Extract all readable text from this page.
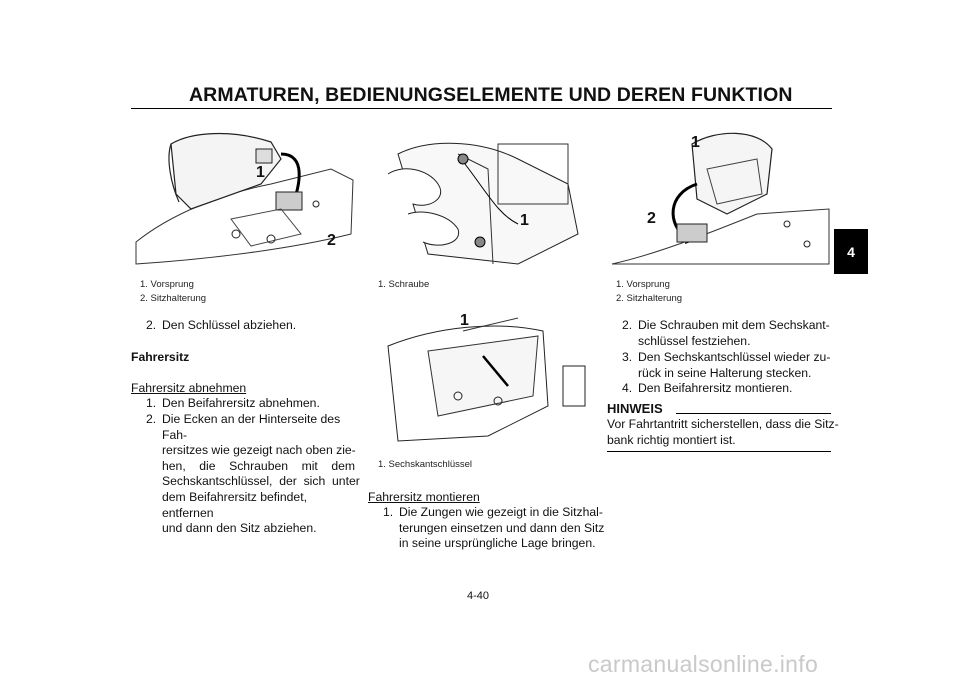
ARMATUREN, BEDIENUNGSELEMENTE UND DEREN FUNKTION
4
1
2
1. Vorsprung
2. Sitzhalterung
1
1. Schraube
1
2
1. Vorsprung
2. Sitzhalterung
1
1. Sechskantschlüssel
2. Den Schlüssel abziehen.
Fahrersitz
Fahrersitz abnehmen
1. Den Beifahrersitz abnehmen.
2. Die Ecken an der Hinterseite des Fah-
rersitzes wie gezeigt nach oben zie-
hen,    die    Schrauben    mit    dem
Sechskantschlüssel,  der  sich  unter
dem Beifahrersitz befindet, entfernen
und dann den Sitz abziehen.
Fahrersitz montieren
1. Die Zungen wie gezeigt in die Sitzhal-
terungen einsetzen und dann den Sitz
in seine ursprüngliche Lage bringen.
2. Die Schrauben mit dem Sechskant-
schlüssel festziehen.
3. Den Sechskantschlüssel wieder zu-
rück in seine Halterung stecken.
4. Den Beifahrersitz montieren.
HINWEIS
Vor Fahrtantritt sicherstellen, dass die Sitz-
bank richtig montiert ist.
4-40
carmanualsonline.info
